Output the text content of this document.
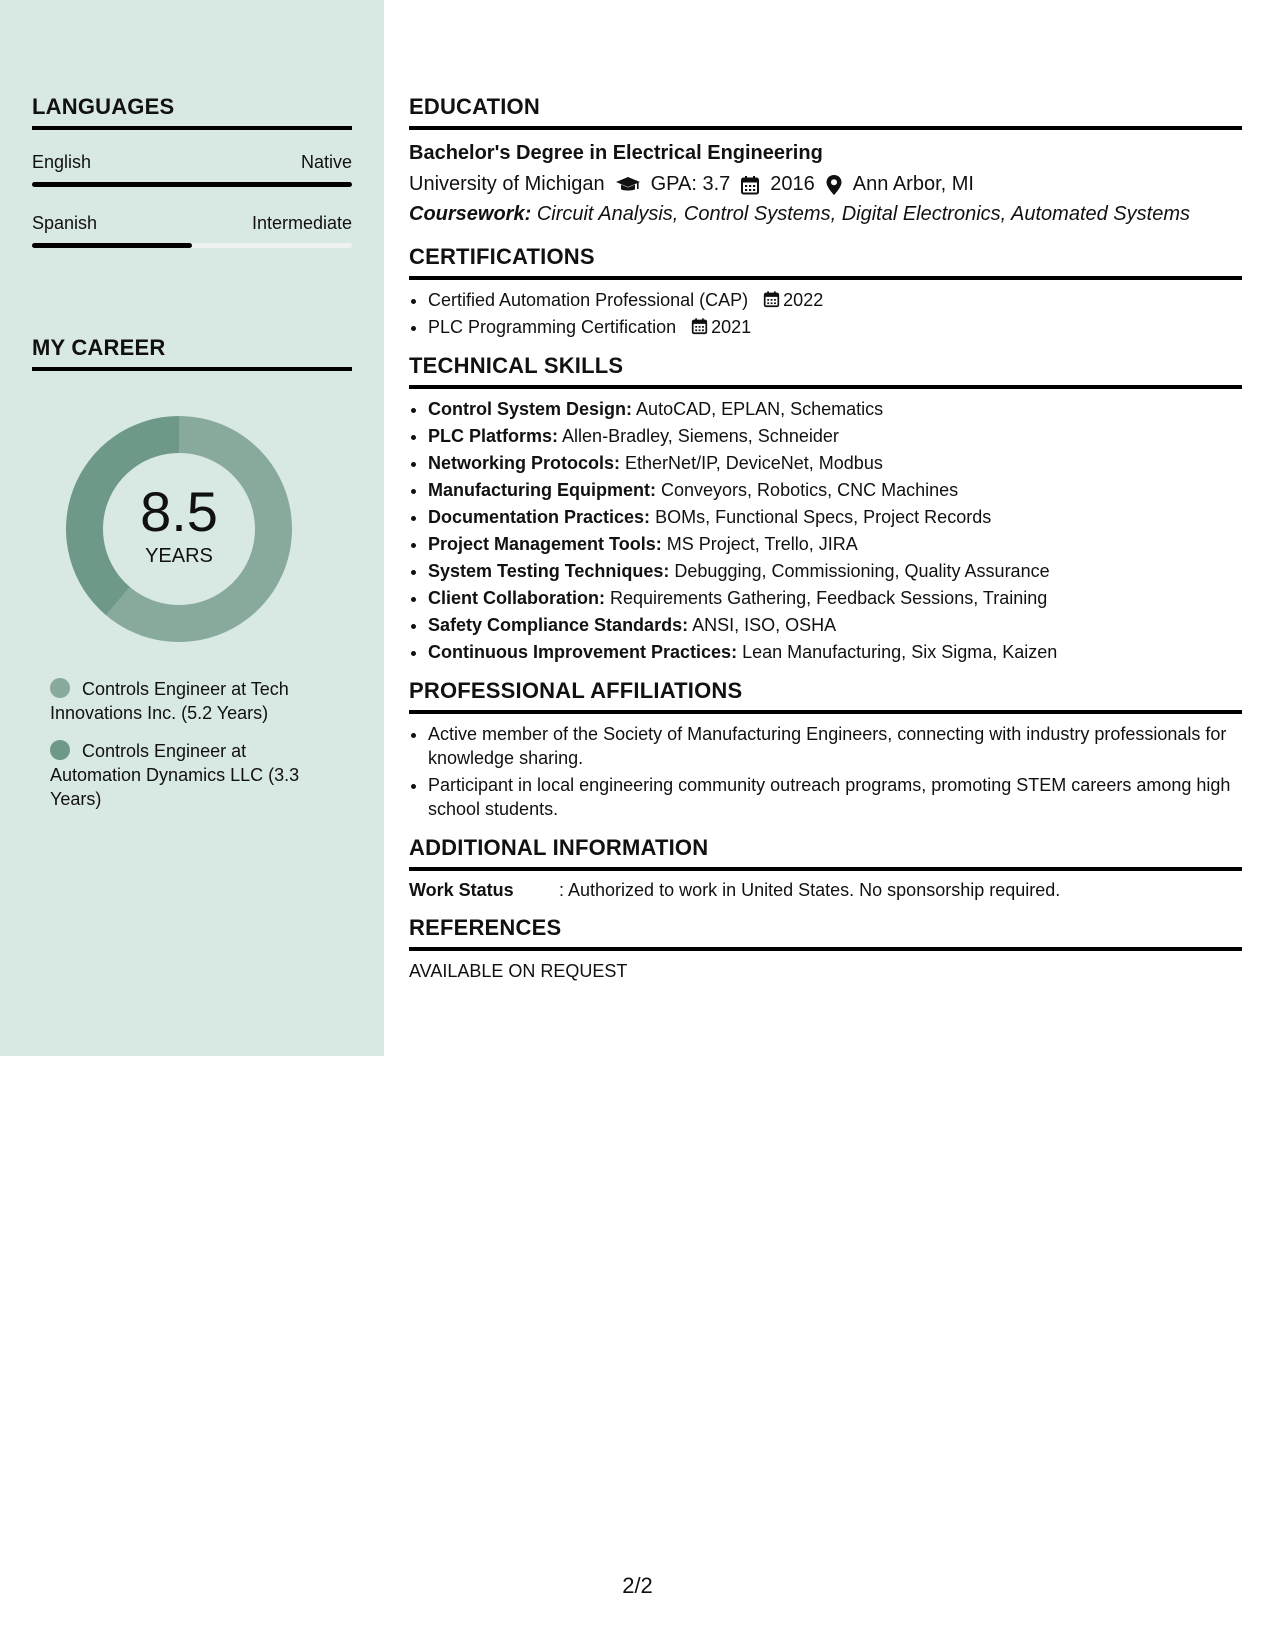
LANGUAGES
English	Native
Spanish	Intermediate
MY CAREER
8.5
YEARS
Controls Engineer at Tech Innovations Inc. (5.2 Years)
Controls Engineer at Automation Dynamics LLC (3.3 Years)
EDUCATION
Bachelor's Degree in Electrical Engineering
University of Michigan GPA: 3.7 2016 Ann Arbor, MI
Coursework: Circuit Analysis, Control Systems, Digital Electronics, Automated Systems
CERTIFICATIONS
• Certified Automation Professional (CAP) 2022
• PLC Programming Certification 2021
TECHNICAL SKILLS
• Control System Design: AutoCAD, EPLAN, Schematics
• PLC Platforms: Allen-Bradley, Siemens, Schneider
• Networking Protocols: EtherNet/IP, DeviceNet, Modbus
• Manufacturing Equipment: Conveyors, Robotics, CNC Machines
• Documentation Practices: BOMs, Functional Specs, Project Records
• Project Management Tools: MS Project, Trello, JIRA
• System Testing Techniques: Debugging, Commissioning, Quality Assurance
• Client Collaboration: Requirements Gathering, Feedback Sessions, Training
• Safety Compliance Standards: ANSI, ISO, OSHA
• Continuous Improvement Practices: Lean Manufacturing, Six Sigma, Kaizen
PROFESSIONAL AFFILIATIONS
• Active member of the Society of Manufacturing Engineers, connecting with industry professionals for knowledge sharing.
• Participant in local engineering community outreach programs, promoting STEM careers among high school students.
ADDITIONAL INFORMATION
Work Status	: Authorized to work in United States. No sponsorship required.
REFERENCES
AVAILABLE ON REQUEST
2/2
